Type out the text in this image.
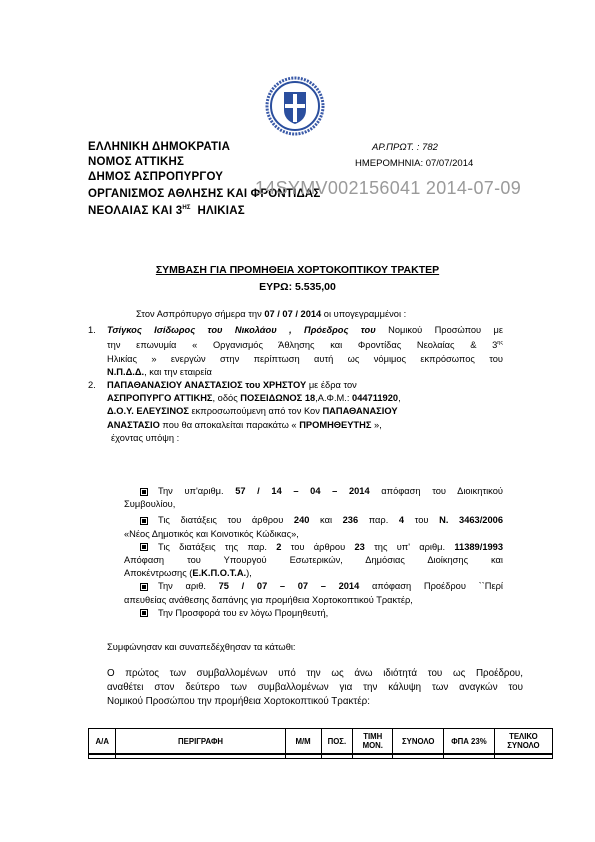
ΕΛΛΗΝΙΚΗ ΔΗΜΟΚΡΑΤΙΑ
ΝΟΜΟΣ ΑΤΤΙΚΗΣ
ΔΗΜΟΣ ΑΣΠΡΟΠΥΡΓΟΥ
ΟΡΓΑΝΙΣΜΟΣ ΑΘΛΗΣΗΣ ΚΑΙ ΦΡΟΝΤΙΔΑΣ
ΝΕΟΛΑΙΑΣ ΚΑΙ $3^{H\Sigma}$ ΗΛΙΚΙΑΣ
ΑΡ.ΠΡΩΤ. : 782
ΗΜΕΡΟΜΗΝΙΑ: 07/07/2014
14SYMV002156041 2014-07-09
ΣΥΜΒΑΣΗ ΓΙΑ ΠΡΟΜΗΘΕΙΑ ΧΟΡΤΟΚΟΠΤΙΚΟΥ ΤΡΑΚΤΕΡ
ΕΥΡΩ: 5.535,00
Στον Ασπρόπυργο σήμερα την 07 / 07 / 2014 οι υπογεγραμμένοι :
1. Τσίγκος Ισίδωρος του Νικολάου , Πρόεδρος του Νομικού Προσώπου με
την επωνυμία « Οργανισμός Άθλησης και Φροντίδας Νεολαίας & $3^{\eta\varsigma}$
Ηλικίας » ενεργών στην περίπτωση αυτή ως νόμιμος εκπρόσωπος του
Ν.Π.Δ.Δ., και την εταιρεία
2. ΠΑΠΑΘΑΝΑΣΙΟΥ ΑΝΑΣΤΑΣΙΟΣ του ΧΡΗΣΤΟΥ με έδρα τον
ΑΣΠΡΟΠΥΡΓΟ ΑΤΤΙΚΗΣ, οδός ΠΟΣΕΙΔΩΝΟΣ 18,Α.Φ.Μ.: 044711920,
Δ.Ο.Υ. ΕΛΕΥΣΙΝΟΣ εκπροσωπούμενη από τον Κον ΠΑΠΑΘΑΝΑΣΙΟΥ
ΑΝΑΣΤΑΣΙΟ που θα αποκαλείται παρακάτω « ΠΡΟΜΗΘΕΥΤΗΣ »,
έχοντας υπόψη :
Την υπ'αριθμ. 57 / 14 – 04 – 2014 απόφαση του Διοικητικού
Συμβουλίου,
Τις διατάξεις του άρθρου 240 και 236 παρ. 4 του Ν. 3463/2006
«Νέος Δημοτικός και Κοινοτικός Κώδικας»,
Τις διατάξεις της παρ. 2 του άρθρου 23 της υπ' αριθμ. 11389/1993
Απόφαση του Υπουργού Εσωτερικών, Δημόσιας Διοίκησης και
Αποκέντρωσης (Ε.Κ.Π.Ο.Τ.Α.),
Την αριθ. 75 / 07 – 07 – 2014 απόφαση Προέδρου ``Περί
απευθείας ανάθεσης δαπάνης για προμήθεια Χορτοκοπτικού Τρακτέρ,
Την Προσφορά του εν λόγω Προμηθευτή,
Συμφώνησαν και συναπεδέχθησαν τα κάτωθι:
Ο πρώτος των συμβαλλομένων υπό την ως άνω ιδιότητά του ως Προέδρου,
αναθέτει στον δεύτερο των συμβαλλομένων για την κάλυψη των αναγκών του
Νομικού Προσώπου την προμήθεια Χορτοκοπτικού Τρακτέρ:
Α/Α	ΠΕΡΙΓΡΑΦΗ	Μ/Μ	ΠΟΣ.	ΤΙΜΗ ΜΟΝ.	ΣΥΝΟΛΟ	ΦΠΑ 23%	ΤΕΛΙΚΟ ΣΥΝΟΛΟ
